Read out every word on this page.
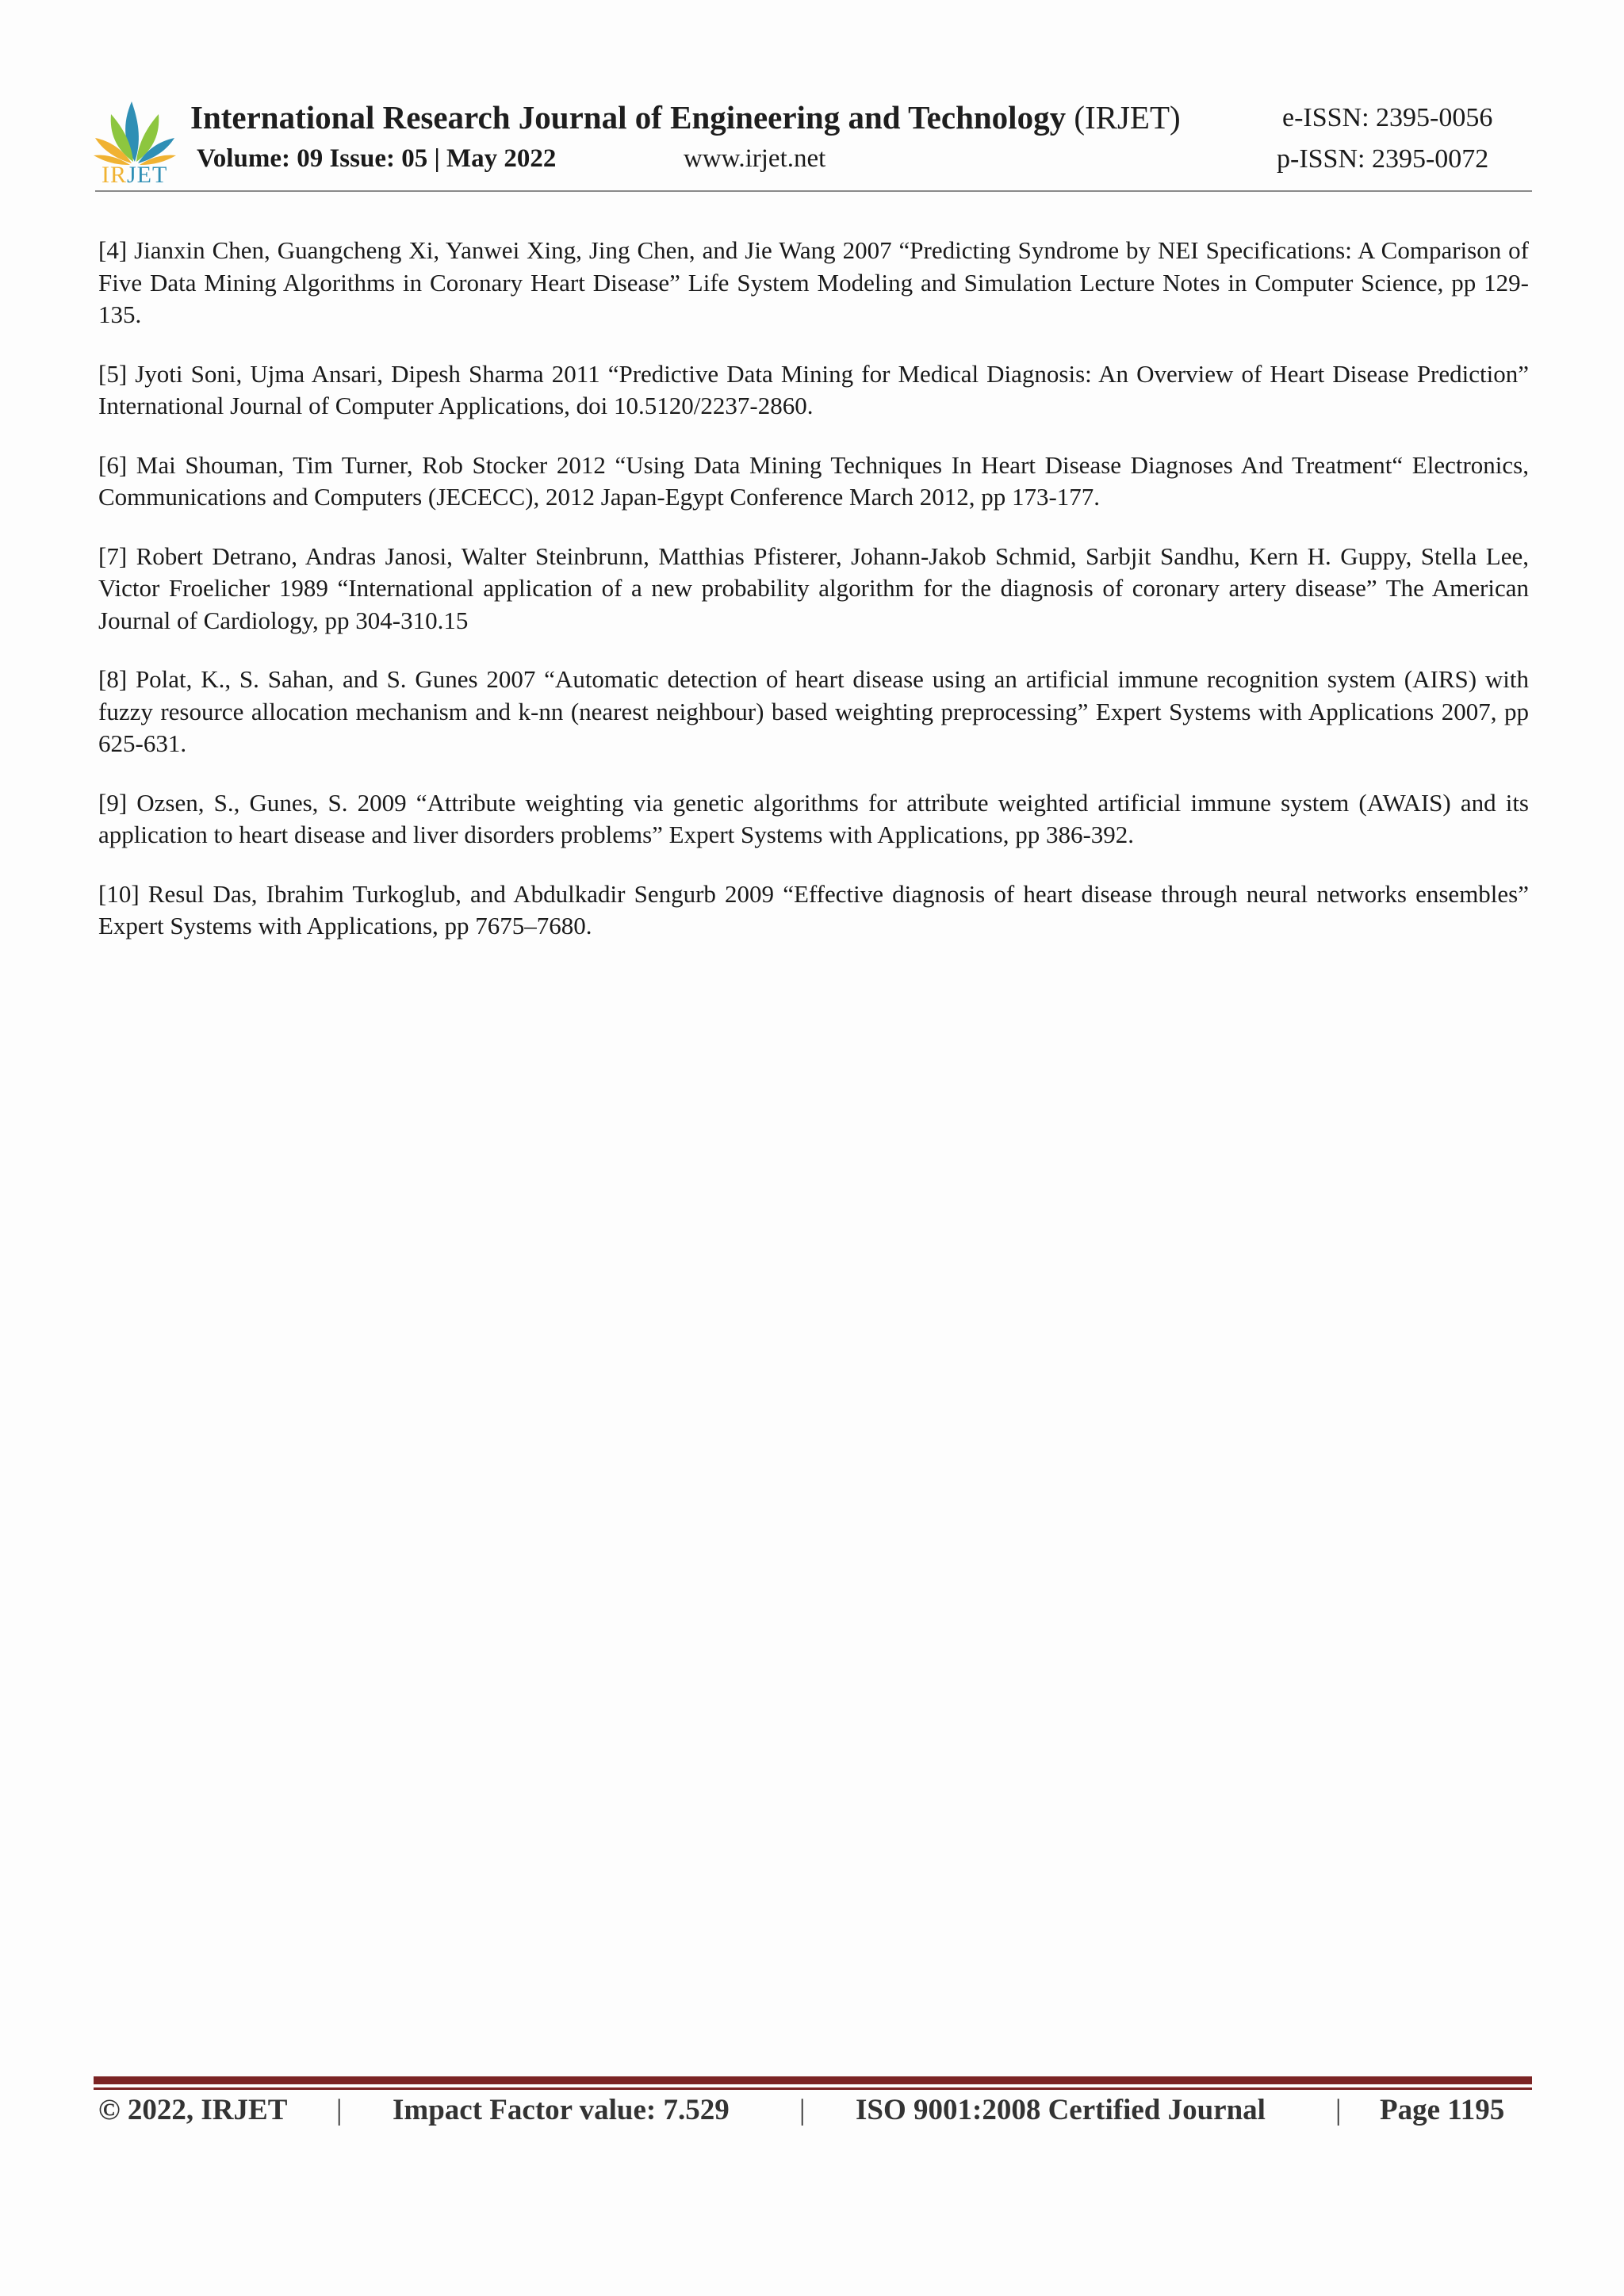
IRJET
International Research Journal of Engineering and Technology (IRJET)
Volume: 09 Issue: 05 | May 2022	www.irjet.net
e-ISSN: 2395-0056
p-ISSN: 2395-0072

[4] Jianxin Chen, Guangcheng Xi, Yanwei Xing, Jing Chen, and Jie Wang 2007 “Predicting Syndrome by NEI Specifications: A Comparison of Five Data Mining Algorithms in Coronary Heart Disease” Life System Modeling and Simulation Lecture Notes in Computer Science, pp 129-135.

[5] Jyoti Soni, Ujma Ansari, Dipesh Sharma 2011 “Predictive Data Mining for Medical Diagnosis: An Overview of Heart Disease Prediction” International Journal of Computer Applications, doi 10.5120/2237-2860.

[6] Mai Shouman, Tim Turner, Rob Stocker 2012 “Using Data Mining Techniques In Heart Disease Diagnoses And Treatment“ Electronics, Communications and Computers (JECECC), 2012 Japan-Egypt Conference March 2012, pp 173-177.

[7] Robert Detrano, Andras Janosi, Walter Steinbrunn, Matthias Pfisterer, Johann-Jakob Schmid, Sarbjit Sandhu, Kern H. Guppy, Stella Lee, Victor Froelicher 1989 “International application of a new probability algorithm for the diagnosis of coronary artery disease” The American Journal of Cardiology, pp 304-310.15

[8] Polat, K., S. Sahan, and S. Gunes 2007 “Automatic detection of heart disease using an artificial immune recognition system (AIRS) with fuzzy resource allocation mechanism and k-nn (nearest neighbour) based weighting preprocessing” Expert Systems with Applications 2007, pp 625-631.

[9] Ozsen, S., Gunes, S. 2009 “Attribute weighting via genetic algorithms for attribute weighted artificial immune system (AWAIS) and its application to heart disease and liver disorders problems” Expert Systems with Applications, pp 386-392.

[10] Resul Das, Ibrahim Turkoglub, and Abdulkadir Sengurb 2009 “Effective diagnosis of heart disease through neural networks ensembles” Expert Systems with Applications, pp 7675–7680.

© 2022, IRJET | Impact Factor value: 7.529 | ISO 9001:2008 Certified Journal | Page 1195
